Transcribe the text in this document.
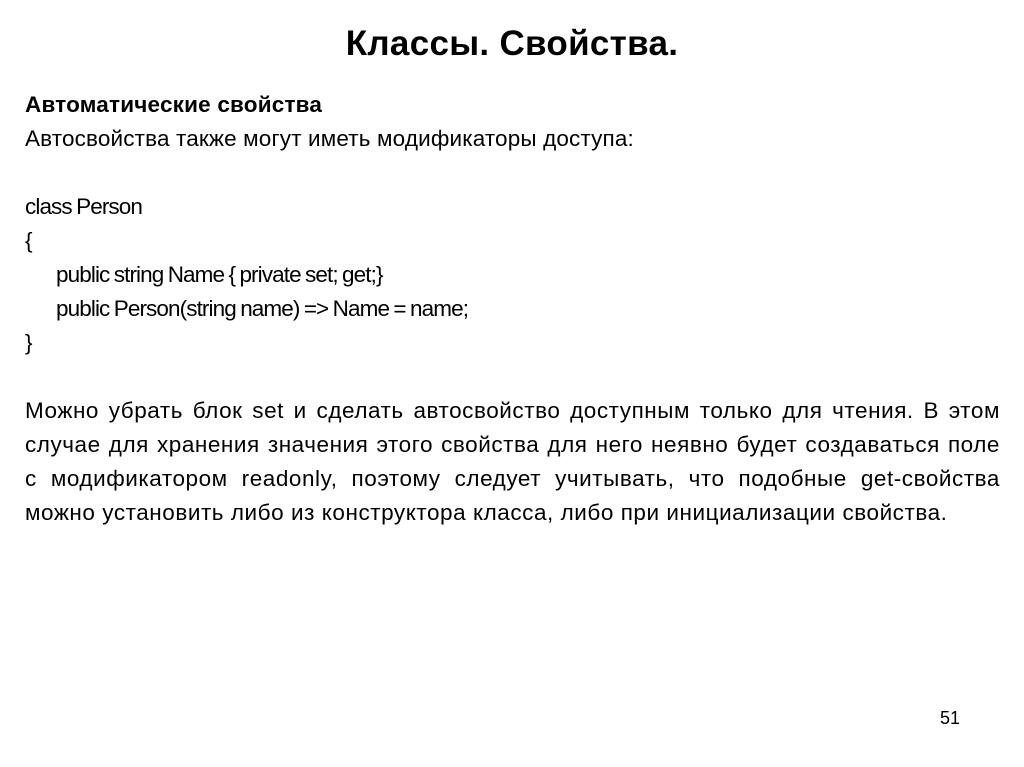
Классы. Свойства.
Автоматические свойства
Автосвойства также могут иметь модификаторы доступа:
class Person
{
public string Name { private set; get;}
public Person(string name) => Name = name;
}
Можно убрать блок set и сделать автосвойство доступным только для чтения. В этом случае для хранения значения этого свойства для него неявно будет создаваться поле с модификатором readonly, поэтому следует учитывать, что подобные get-свойства можно установить либо из конструктора класса, либо при инициализации свойства.
51
